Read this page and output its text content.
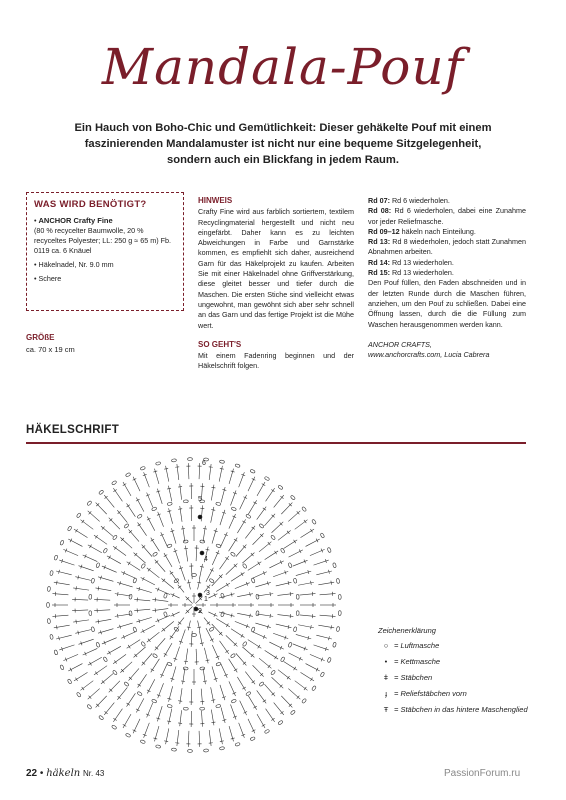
Mandala-Pouf
Ein Hauch von Boho-Chic und Gemütlichkeit: Dieser gehäkelte Pouf mit einem faszinierenden Mandalamuster ist nicht nur eine bequeme Sitzgelegenheit, sondern auch ein Blickfang in jedem Raum.
WAS WIRD BENÖTIGT?
• ANCHOR Crafty Fine
(80 % recycelter Baumwolle, 20 % recyceltes Polyester; LL: 250 g ≈ 65 m) Fb. 0119 ca. 6 Knäuel
• Häkelnadel, Nr. 9.0 mm
• Schere
GRÖßE
ca. 70 x 19 cm
HINWEIS
Crafty Fine wird aus farblich sortiertem, textilem Recyclingmaterial hergestellt und nicht neu eingefärbt. Daher kann es zu leichten Abweichungen in Farbe und Garnstärke kommen, es empfiehlt sich daher, ausreichend Garn für das Häkelprojekt zu kaufen. Arbeiten Sie mit einer Häkelnadel ohne Griffverstärkung, diese gleitet besser und tiefer durch die Maschen. Die ersten Stiche sind vielleicht etwas ungewohnt, man gewöhnt sich aber sehr schnell an das Garn und das fertige Projekt ist die Mühe wert.
SO GEHT'S
Mit einem Fadenring beginnen und der Häkelschrift folgen.
Rd 07: Rd 6 wiederholen.
Rd 08: Rd 6 wiederholen, dabei eine Zunahme vor jeder Reliefmasche.
Rd 09–12 häkeln nach Einteilung.
Rd 13: Rd 8 wiederholen, jedoch statt Zunahmen Abnahmen arbeiten.
Rd 14: Rd 13 wiederholen.
Rd 15: Rd 13 wiederholen.
Den Pouf füllen, den Faden abschneiden und in der letzten Runde durch die Maschen führen, anziehen, um den Pouf zu schließen. Dabei eine Öffnung lassen, durch die die Füllung zum Waschen herausgenommen werden kann.
ANCHOR CRAFTS,
www.anchorcrafts.com, Lucia Cabrera
HÄKELSCHRIFT
1
2
3
4
5
6
Zeichenerklärung
○ = Luftmasche
• = Kettmasche
ǂ = Stäbchen
ɟ = Reliefstäbchen vorn
Ŧ = Stäbchen in das hintere Maschenglied
22 • häkeln Nr. 43	PassionForum.ru
